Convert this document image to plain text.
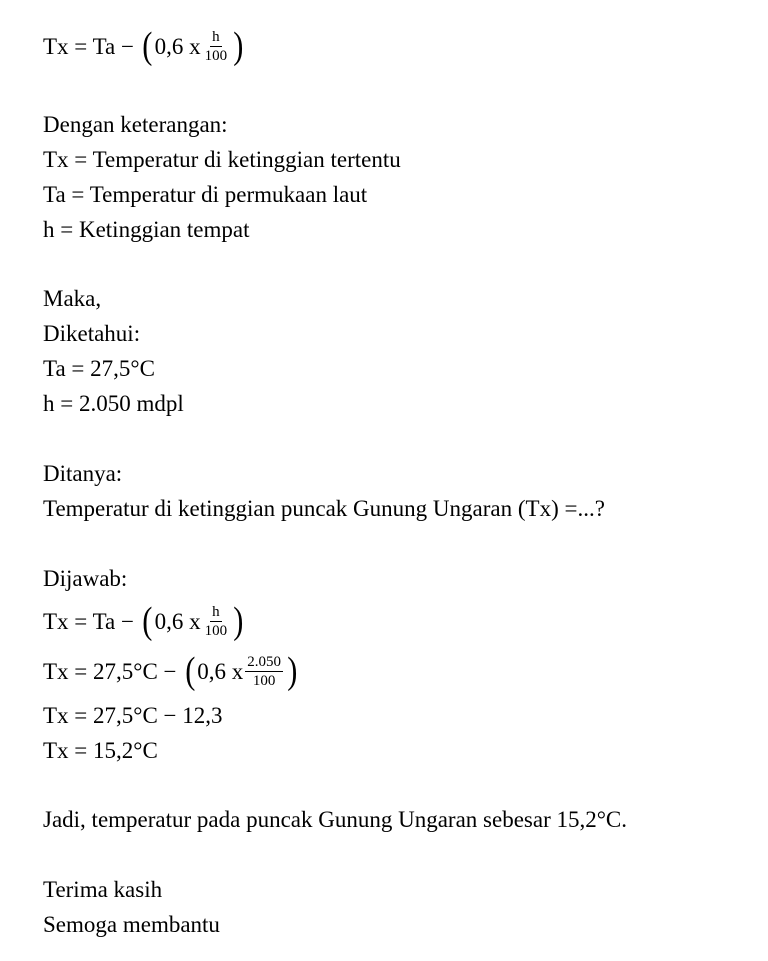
Tx = Ta − ( 0,6 x $\frac{h}{100}$ )
Dengan keterangan:
Tx = Temperatur di ketinggian tertentu
Ta = Temperatur di permukaan laut
h = Ketinggian tempat
Maka,
Diketahui:
Ta = 27,5°C
h = 2.050 mdpl
Ditanya:
Temperatur di ketinggian puncak Gunung Ungaran (Tx) =...?
Dijawab:
Tx = Ta − ( 0,6 x $\frac{h}{100}$ )
Tx = 27,5°C − ( 0,6 x $\frac{2.050}{100}$ )
Tx = 27,5°C − 12,3
Tx = 15,2°C
Jadi, temperatur pada puncak Gunung Ungaran sebesar 15,2°C.
Terima kasih
Semoga membantu
